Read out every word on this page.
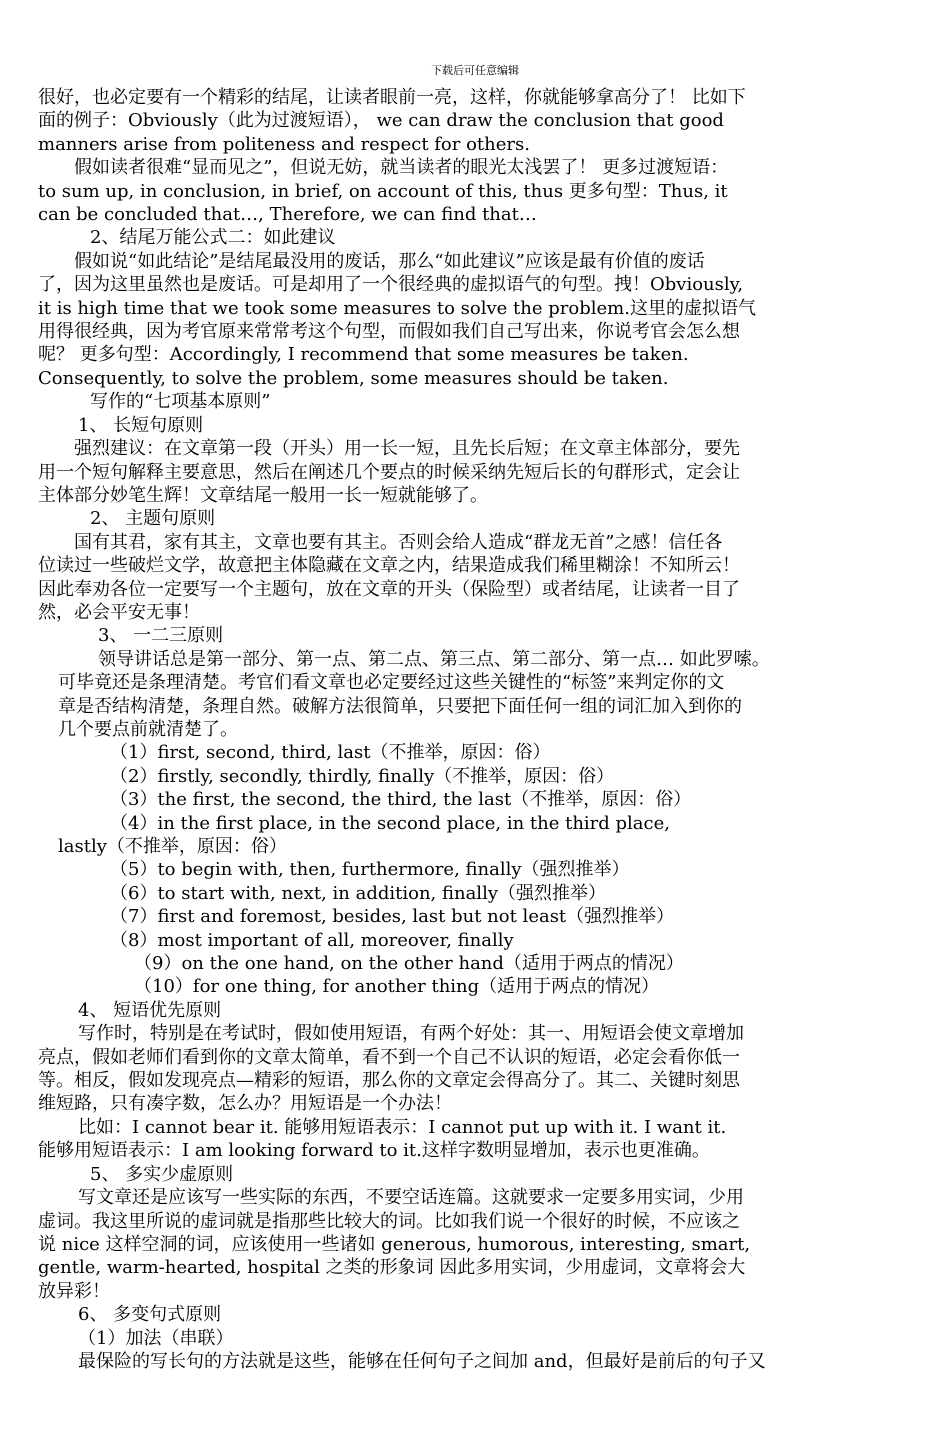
下载后可任意编辑
很好，也必定要有一个精彩的结尾，让读者眼前一亮，这样，你就能够拿高分了！ 比如下
面的例子：Obviously（此为过渡短语）， we can draw the conclusion that good
manners arise from politeness and respect for others.
假如读者很难“显而见之”，但说无妨，就当读者的眼光太浅罢了！ 更多过渡短语：
to sum up, in conclusion, in brief, on account of this, thus 更多句型：Thus, it
can be concluded that…, Therefore, we can find that…
2、结尾万能公式二：如此建议
假如说“如此结论”是结尾最没用的废话，那么“如此建议”应该是最有价值的废话
了，因为这里虽然也是废话。可是却用了一个很经典的虚拟语气的句型。拽！Obviously,
it is high time that we took some measures to solve the problem.这里的虚拟语气
用得很经典，因为考官原来常常考这个句型，而假如我们自己写出来，你说考官会怎么想
呢？ 更多句型：Accordingly, I recommend that some measures be taken.
Consequently, to solve the problem, some measures should be taken.
写作的“七项基本原则”
1、 长短句原则
强烈建议：在文章第一段（开头）用一长一短，且先长后短；在文章主体部分，要先
用一个短句解释主要意思，然后在阐述几个要点的时候采纳先短后长的句群形式，定会让
主体部分妙笔生辉！文章结尾一般用一长一短就能够了。
2、 主题句原则
国有其君，家有其主，文章也要有其主。否则会给人造成“群龙无首”之感！信任各
位读过一些破烂文学，故意把主体隐藏在文章之内，结果造成我们稀里糊涂！不知所云！
因此奉劝各位一定要写一个主题句，放在文章的开头（保险型）或者结尾，让读者一目了
然，必会平安无事！
3、 一二三原则
领导讲话总是第一部分、第一点、第二点、第三点、第二部分、第一点… 如此罗嗦。
可毕竟还是条理清楚。考官们看文章也必定要经过这些关键性的“标签”来判定你的文
章是否结构清楚，条理自然。破解方法很简单，只要把下面任何一组的词汇加入到你的
几个要点前就清楚了。
（1）first, second, third, last（不推举，原因：俗）
（2）firstly, secondly, thirdly, finally（不推举，原因：俗）
（3）the first, the second, the third, the last（不推举，原因：俗）
（4）in the first place, in the second place, in the third place,
lastly（不推举，原因：俗）
（5）to begin with, then, furthermore, finally（强烈推举）
（6）to start with, next, in addition, finally（强烈推举）
（7）first and foremost, besides, last but not least（强烈推举）
（8）most important of all, moreover, finally
（9）on the one hand, on the other hand（适用于两点的情况）
（10）for one thing, for another thing（适用于两点的情况）
4、 短语优先原则
写作时，特别是在考试时，假如使用短语，有两个好处：其一、用短语会使文章增加
亮点，假如老师们看到你的文章太简单，看不到一个自己不认识的短语，必定会看你低一
等。相反，假如发现亮点—精彩的短语，那么你的文章定会得高分了。其二、关键时刻思
维短路，只有凑字数，怎么办？用短语是一个办法！
比如：I cannot bear it. 能够用短语表示：I cannot put up with it. I want it.
能够用短语表示：I am looking forward to it.这样字数明显增加，表示也更准确。
5、 多实少虚原则
写文章还是应该写一些实际的东西，不要空话连篇。这就要求一定要多用实词，少用
虚词。我这里所说的虚词就是指那些比较大的词。比如我们说一个很好的时候，不应该之
说 nice 这样空洞的词，应该使用一些诸如 generous, humorous, interesting, smart,
gentle, warm-hearted, hospital 之类的形象词 因此多用实词，少用虚词，文章将会大
放异彩！
6、 多变句式原则
（1）加法（串联）
最保险的写长句的方法就是这些，能够在任何句子之间加 and，但最好是前后的句子又
